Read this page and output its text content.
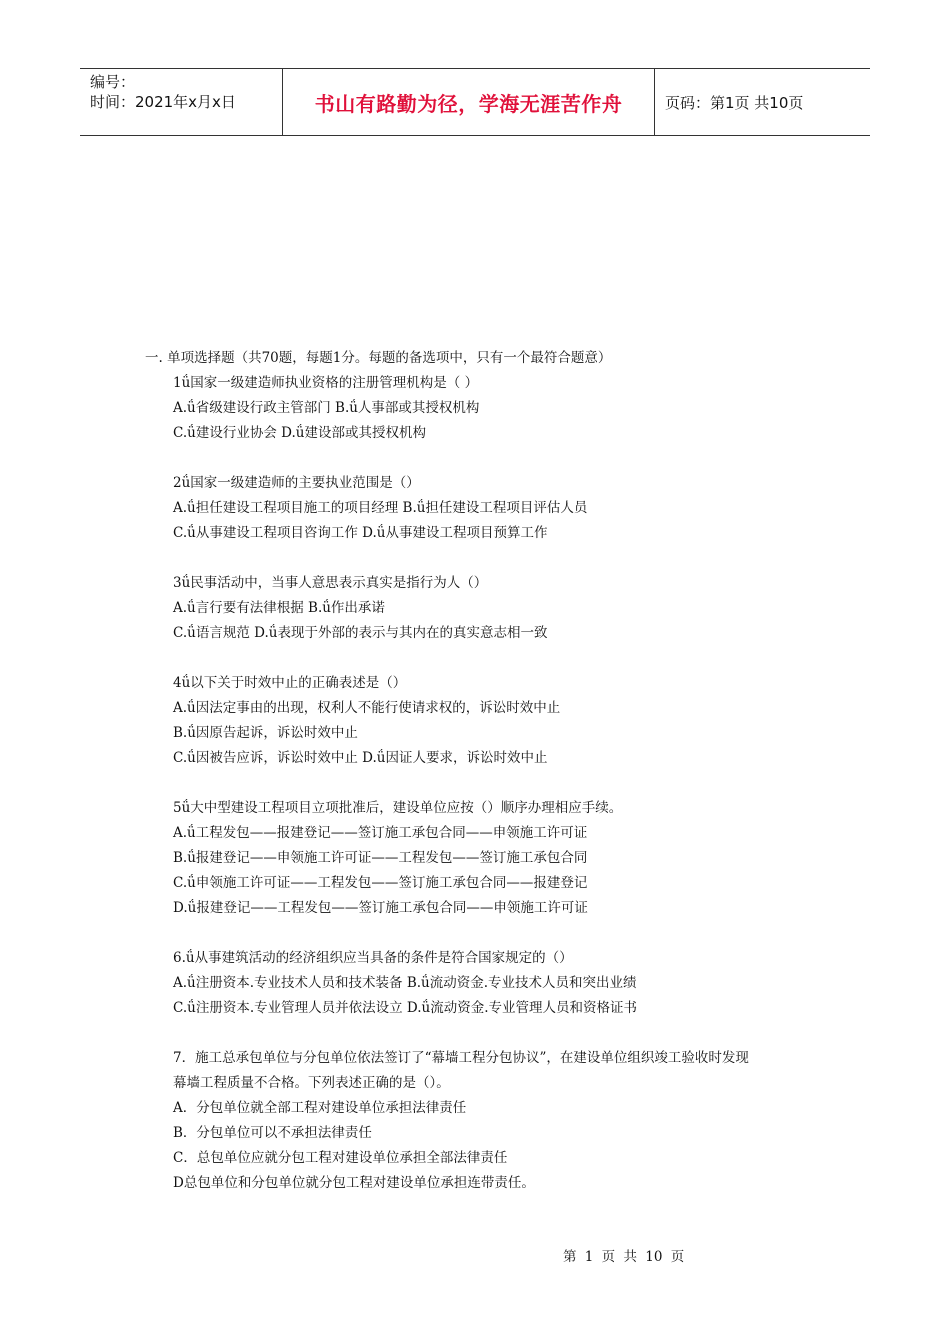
编号：
时间：2021年x月x日	书山有路勤为径，学海无涯苦作舟	页码：第1页 共10页

一. 单项选择题（共70题，每题1分。每题的备选项中，只有一个最符合题意）

1ǘ国家一级建造师执业资格的注册管理机构是（ ）

A.ǘ省级建设行政主管部门 B.ǘ人事部或其授权机构

C.ǘ建设行业协会 D.ǘ建设部或其授权机构

2ǘ国家一级建造师的主要执业范围是（）

A.ǘ担任建设工程项目施工的项目经理 B.ǘ担任建设工程项目评估人员

C.ǘ从事建设工程项目咨询工作 D.ǘ从事建设工程项目预算工作

3ǘ民事活动中，当事人意思表示真实是指行为人（）

A.ǘ言行要有法律根据 B.ǘ作出承诺

C.ǘ语言规范 D.ǘ表现于外部的表示与其内在的真实意志相一致

4ǘ以下关于时效中止的正确表述是（）

A.ǘ因法定事由的出现，权利人不能行使请求权的，诉讼时效中止

B.ǘ因原告起诉，诉讼时效中止

C.ǘ因被告应诉，诉讼时效中止 D.ǘ因证人要求，诉讼时效中止

5ǘ大中型建设工程项目立项批准后，建设单位应按（）顺序办理相应手续。

A.ǘ工程发包——报建登记——签订施工承包合同——申领施工许可证

B.ǘ报建登记——申领施工许可证——工程发包——签订施工承包合同

C.ǘ申领施工许可证——工程发包——签订施工承包合同——报建登记

D.ǘ报建登记——工程发包——签订施工承包合同——申领施工许可证

6.ǘ从事建筑活动的经济组织应当具备的条件是符合国家规定的（）

A.ǘ注册资本.专业技术人员和技术装备 B.ǘ流动资金.专业技术人员和突出业绩

C.ǘ注册资本.专业管理人员并依法设立 D.ǘ流动资金.专业管理人员和资格证书

7．施工总承包单位与分包单位依法签订了“幕墙工程分包协议”，在建设单位组织竣工验收时发现

幕墙工程质量不合格。下列表述正确的是（）。

A．分包单位就全部工程对建设单位承担法律责任

B．分包单位可以不承担法律责任

C．总包单位应就分包工程对建设单位承担全部法律责任

D总包单位和分包单位就分包工程对建设单位承担连带责任。

第 1 页 共 10 页
